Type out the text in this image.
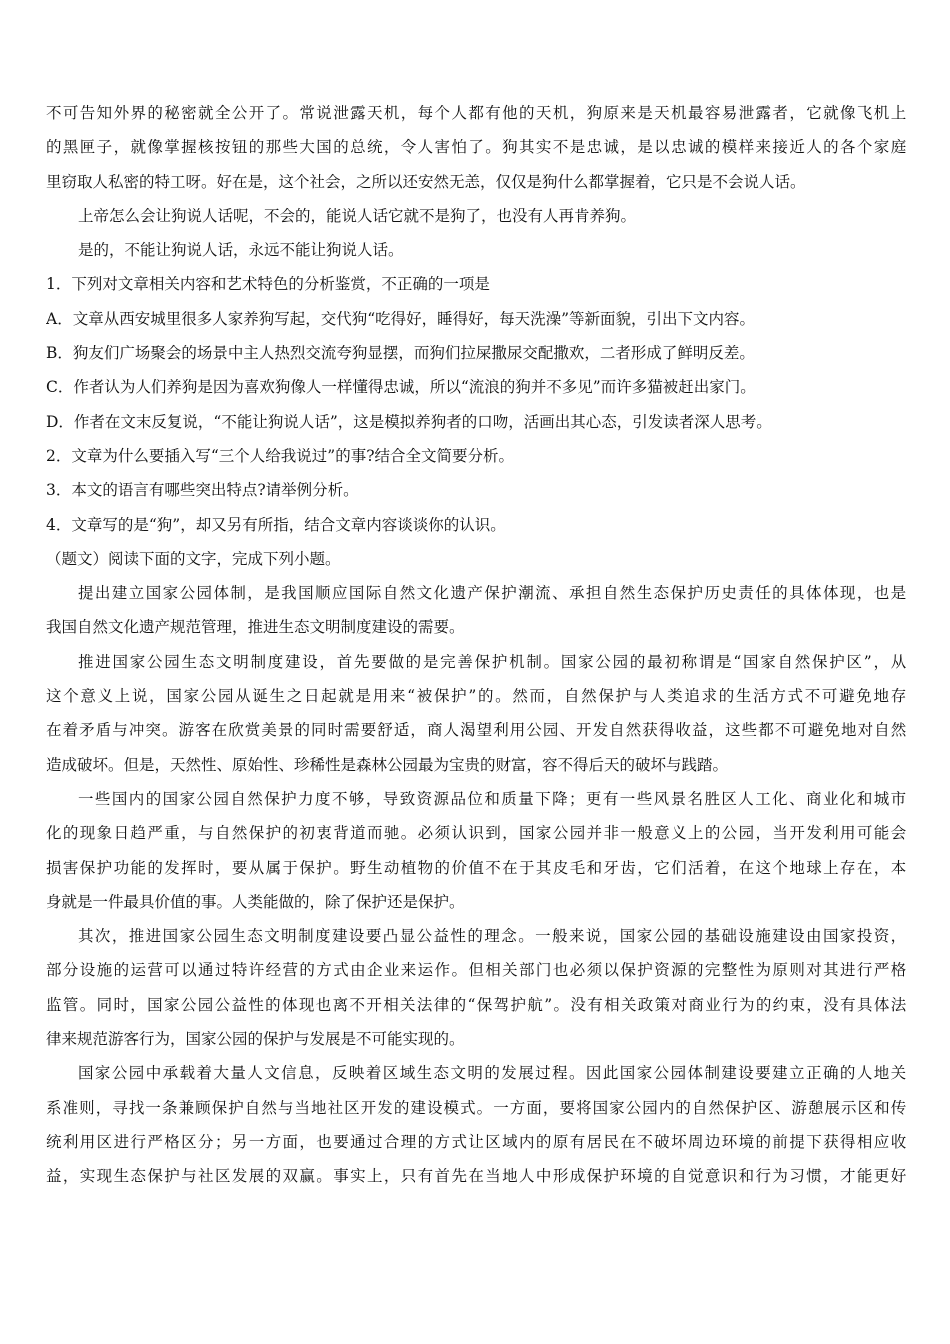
不可告知外界的秘密就全公开了。常说泄露天机，每个人都有他的天机，狗原来是天机最容易泄露者，它就像飞机上
的黑匣子，就像掌握核按钮的那些大国的总统，令人害怕了。狗其实不是忠诚，是以忠诚的模样来接近人的各个家庭
里窃取人私密的特工呀。好在是，这个社会，之所以还安然无恙，仅仅是狗什么都掌握着，它只是不会说人话。
上帝怎么会让狗说人话呢，不会的，能说人话它就不是狗了，也没有人再肯养狗。
是的，不能让狗说人话，永远不能让狗说人话。
1．下列对文章相关内容和艺术特色的分析鉴赏，不正确的一项是
A．文章从西安城里很多人家养狗写起，交代狗“吃得好，睡得好，每天洗澡”等新面貌，引出下文内容。
B．狗友们广场聚会的场景中主人热烈交流夸狗显摆，而狗们拉屎撒尿交配撒欢，二者形成了鲜明反差。
C．作者认为人们养狗是因为喜欢狗像人一样懂得忠诚，所以“流浪的狗并不多见”而许多猫被赶出家门。
D．作者在文末反复说，“不能让狗说人话”，这是模拟养狗者的口吻，活画出其心态，引发读者深人思考。
2．文章为什么要插入写“三个人给我说过”的事?结合全文简要分析。
3．本文的语言有哪些突出特点?请举例分析。
4．文章写的是“狗”，却又另有所指，结合文章内容谈谈你的认识。
（题文）阅读下面的文字，完成下列小题。
提出建立国家公园体制，是我国顺应国际自然文化遗产保护潮流、承担自然生态保护历史责任的具体体现，也是
我国自然文化遗产规范管理，推进生态文明制度建设的需要。
推进国家公园生态文明制度建设，首先要做的是完善保护机制。国家公园的最初称谓是“国家自然保护区”，从
这个意义上说，国家公园从诞生之日起就是用来“被保护”的。然而，自然保护与人类追求的生活方式不可避免地存
在着矛盾与冲突。游客在欣赏美景的同时需要舒适，商人渴望利用公园、开发自然获得收益，这些都不可避免地对自然
造成破坏。但是，天然性、原始性、珍稀性是森林公园最为宝贵的财富，容不得后天的破坏与践踏。
一些国内的国家公园自然保护力度不够，导致资源品位和质量下降；更有一些风景名胜区人工化、商业化和城市
化的现象日趋严重，与自然保护的初衷背道而驰。必须认识到，国家公园并非一般意义上的公园，当开发利用可能会
损害保护功能的发挥时，要从属于保护。野生动植物的价值不在于其皮毛和牙齿，它们活着，在这个地球上存在，本
身就是一件最具价值的事。人类能做的，除了保护还是保护。
其次，推进国家公园生态文明制度建设要凸显公益性的理念。一般来说，国家公园的基础设施建设由国家投资，
部分设施的运营可以通过特许经营的方式由企业来运作。但相关部门也必须以保护资源的完整性为原则对其进行严格
监管。同时，国家公园公益性的体现也离不开相关法律的“保驾护航”。没有相关政策对商业行为的约束，没有具体法
律来规范游客行为，国家公园的保护与发展是不可能实现的。
国家公园中承载着大量人文信息，反映着区域生态文明的发展过程。因此国家公园体制建设要建立正确的人地关
系准则，寻找一条兼顾保护自然与当地社区开发的建设模式。一方面，要将国家公园内的自然保护区、游憩展示区和传
统利用区进行严格区分；另一方面，也要通过合理的方式让区域内的原有居民在不破坏周边环境的前提下获得相应收
益，实现生态保护与社区发展的双赢。事实上，只有首先在当地人中形成保护环境的自觉意识和行为习惯，才能更好
